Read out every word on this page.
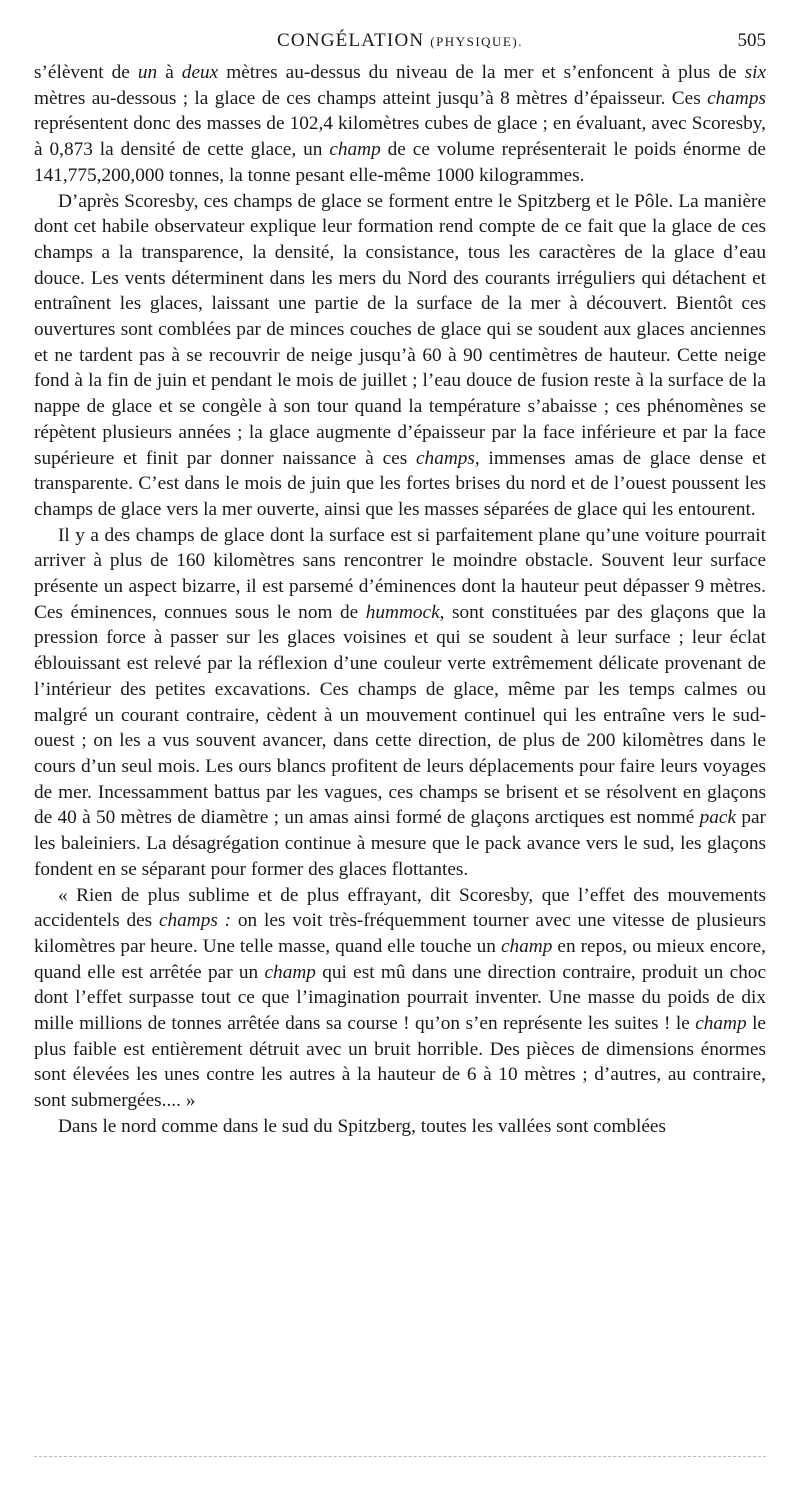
CONGÉLATION (PHYSIQUE).	505

s’élèvent de un à deux mètres au-dessus du niveau de la mer et s’enfoncent à plus de six mètres au-dessous ; la glace de ces champs atteint jusqu’à 8 mètres d’épaisseur. Ces champs représentent donc des masses de 102,4 kilomètres cubes de glace ; en évaluant, avec Scoresby, à 0,873 la densité de cette glace, un champ de ce volume représenterait le poids énorme de 141,775,200,000 tonnes, la tonne pesant elle-même 1000 kilogrammes.

D’après Scoresby, ces champs de glace se forment entre le Spitzberg et le Pôle. La manière dont cet habile observateur explique leur formation rend compte de ce fait que la glace de ces champs a la transparence, la densité, la consistance, tous les caractères de la glace d’eau douce. Les vents déterminent dans les mers du Nord des courants irréguliers qui détachent et entraînent les glaces, laissant une partie de la surface de la mer à découvert. Bientôt ces ouvertures sont comblées par de minces couches de glace qui se soudent aux glaces anciennes et ne tardent pas à se recouvrir de neige jusqu’à 60 à 90 centimètres de hauteur. Cette neige fond à la fin de juin et pendant le mois de juillet ; l’eau douce de fusion reste à la surface de la nappe de glace et se congèle à son tour quand la température s’abaisse ; ces phénomènes se répètent plusieurs années ; la glace augmente d’épaisseur par la face inférieure et par la face supérieure et finit par donner naissance à ces champs, immenses amas de glace dense et transparente. C’est dans le mois de juin que les fortes brises du nord et de l’ouest poussent les champs de glace vers la mer ouverte, ainsi que les masses séparées de glace qui les entourent.

Il y a des champs de glace dont la surface est si parfaitement plane qu’une voiture pourrait arriver à plus de 160 kilomètres sans rencontrer le moindre obstacle. Souvent leur surface présente un aspect bizarre, il est parsemé d’éminences dont la hauteur peut dépasser 9 mètres. Ces éminences, connues sous le nom de hummock, sont constituées par des glaçons que la pression force à passer sur les glaces voisines et qui se soudent à leur surface ; leur éclat éblouissant est relevé par la réflexion d’une couleur verte extrêmement délicate provenant de l’intérieur des petites excavations. Ces champs de glace, même par les temps calmes ou malgré un courant contraire, cèdent à un mouvement continuel qui les entraîne vers le sud-ouest ; on les a vus souvent avancer, dans cette direction, de plus de 200 kilomètres dans le cours d’un seul mois. Les ours blancs profitent de leurs déplacements pour faire leurs voyages de mer. Incessamment battus par les vagues, ces champs se brisent et se résolvent en glaçons de 40 à 50 mètres de diamètre ; un amas ainsi formé de glaçons arctiques est nommé pack par les baleiniers. La désagrégation continue à mesure que le pack avance vers le sud, les glaçons fondent en se séparant pour former des glaces flottantes.

« Rien de plus sublime et de plus effrayant, dit Scoresby, que l’effet des mouvements accidentels des champs : on les voit très-fréquemment tourner avec une vitesse de plusieurs kilomètres par heure. Une telle masse, quand elle touche un champ en repos, ou mieux encore, quand elle est arrêtée par un champ qui est mû dans une direction contraire, produit un choc dont l’effet surpasse tout ce que l’imagination pourrait inventer. Une masse du poids de dix mille millions de tonnes arrêtée dans sa course ! qu’on s’en représente les suites ! le champ le plus faible est entièrement détruit avec un bruit horrible. Des pièces de dimensions énormes sont élevées les unes contre les autres à la hauteur de 6 à 10 mètres ; d’autres, au contraire, sont submergées.... »

Dans le nord comme dans le sud du Spitzberg, toutes les vallées sont comblées
